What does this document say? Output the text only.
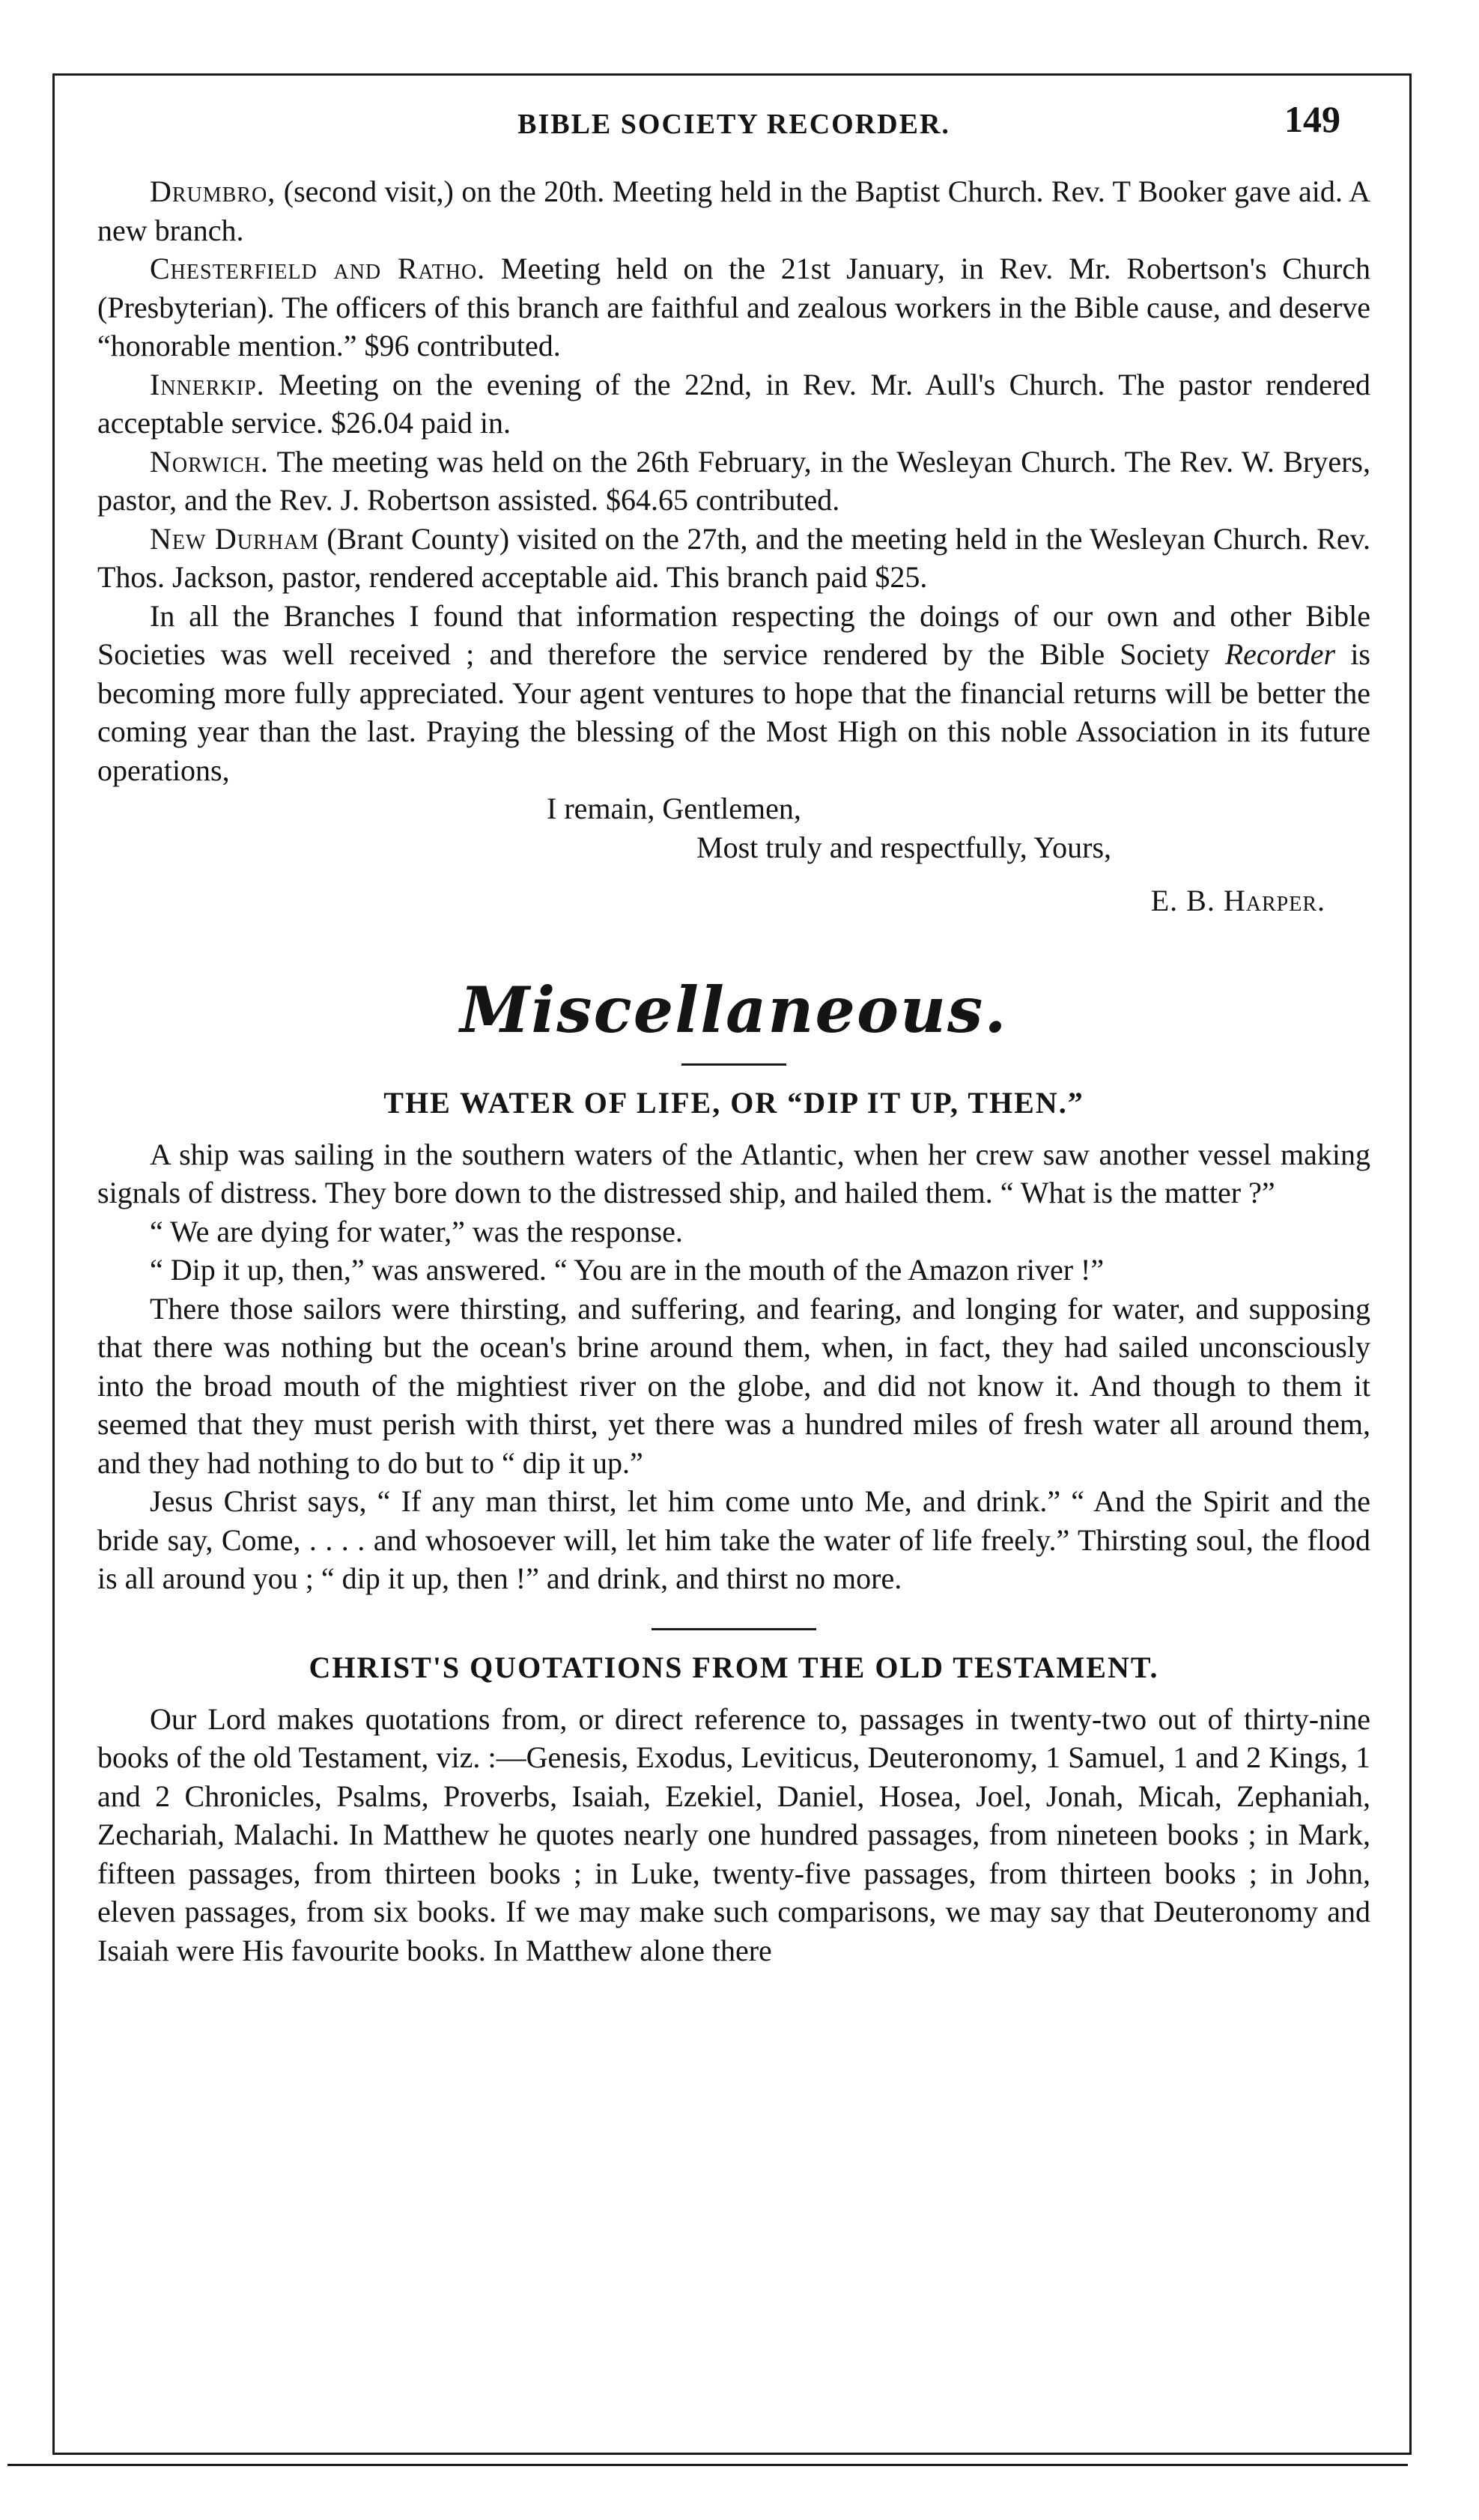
BIBLE SOCIETY RECORDER.	149

Drumbro, (second visit,) on the 20th. Meeting held in the Baptist Church. Rev. T Booker gave aid. A new branch.

Chesterfield and Ratho. Meeting held on the 21st January, in Rev. Mr. Robertson's Church (Presbyterian). The officers of this branch are faithful and zealous workers in the Bible cause, and deserve “honorable mention.” $96 contributed.

Innerkip. Meeting on the evening of the 22nd, in Rev. Mr. Aull's Church. The pastor rendered acceptable service. $26.04 paid in.

Norwich. The meeting was held on the 26th February, in the Wesleyan Church. The Rev. W. Bryers, pastor, and the Rev. J. Robertson assisted. $64.65 contributed.

New Durham (Brant County) visited on the 27th, and the meeting held in the Wesleyan Church. Rev. Thos. Jackson, pastor, rendered acceptable aid. This branch paid $25.

In all the Branches I found that information respecting the doings of our own and other Bible Societies was well received ; and therefore the service rendered by the Bible Society Recorder is becoming more fully appreciated. Your agent ventures to hope that the financial returns will be better the coming year than the last. Praying the blessing of the Most High on this noble Association in its future operations,

I remain, Gentlemen,

Most truly and respectfully, Yours,

E. B. Harper.

Miscellaneous.
THE WATER OF LIFE, OR “DIP IT UP, THEN.”

A ship was sailing in the southern waters of the Atlantic, when her crew saw another vessel making signals of distress. They bore down to the distressed ship, and hailed them. “ What is the matter ?”

“ We are dying for water,” was the response.

“ Dip it up, then,” was answered. “ You are in the mouth of the Amazon river !”

There those sailors were thirsting, and suffering, and fearing, and longing for water, and supposing that there was nothing but the ocean's brine around them, when, in fact, they had sailed unconsciously into the broad mouth of the mightiest river on the globe, and did not know it. And though to them it seemed that they must perish with thirst, yet there was a hundred miles of fresh water all around them, and they had nothing to do but to “ dip it up.”

Jesus Christ says, “ If any man thirst, let him come unto Me, and drink.” “ And the Spirit and the bride say, Come, . . . . and whosoever will, let him take the water of life freely.” Thirsting soul, the flood is all around you ; “ dip it up, then !” and drink, and thirst no more.

CHRIST'S QUOTATIONS FROM THE OLD TESTAMENT.

Our Lord makes quotations from, or direct reference to, passages in twenty-two out of thirty-nine books of the old Testament, viz. :—Genesis, Exodus, Leviticus, Deuteronomy, 1 Samuel, 1 and 2 Kings, 1 and 2 Chronicles, Psalms, Proverbs, Isaiah, Ezekiel, Daniel, Hosea, Joel, Jonah, Micah, Zephaniah, Zechariah, Malachi. In Matthew he quotes nearly one hundred passages, from nineteen books ; in Mark, fifteen passages, from thirteen books ; in Luke, twenty-five passages, from thirteen books ; in John, eleven passages, from six books. If we may make such comparisons, we may say that Deuteronomy and Isaiah were His favourite books. In Matthew alone there
